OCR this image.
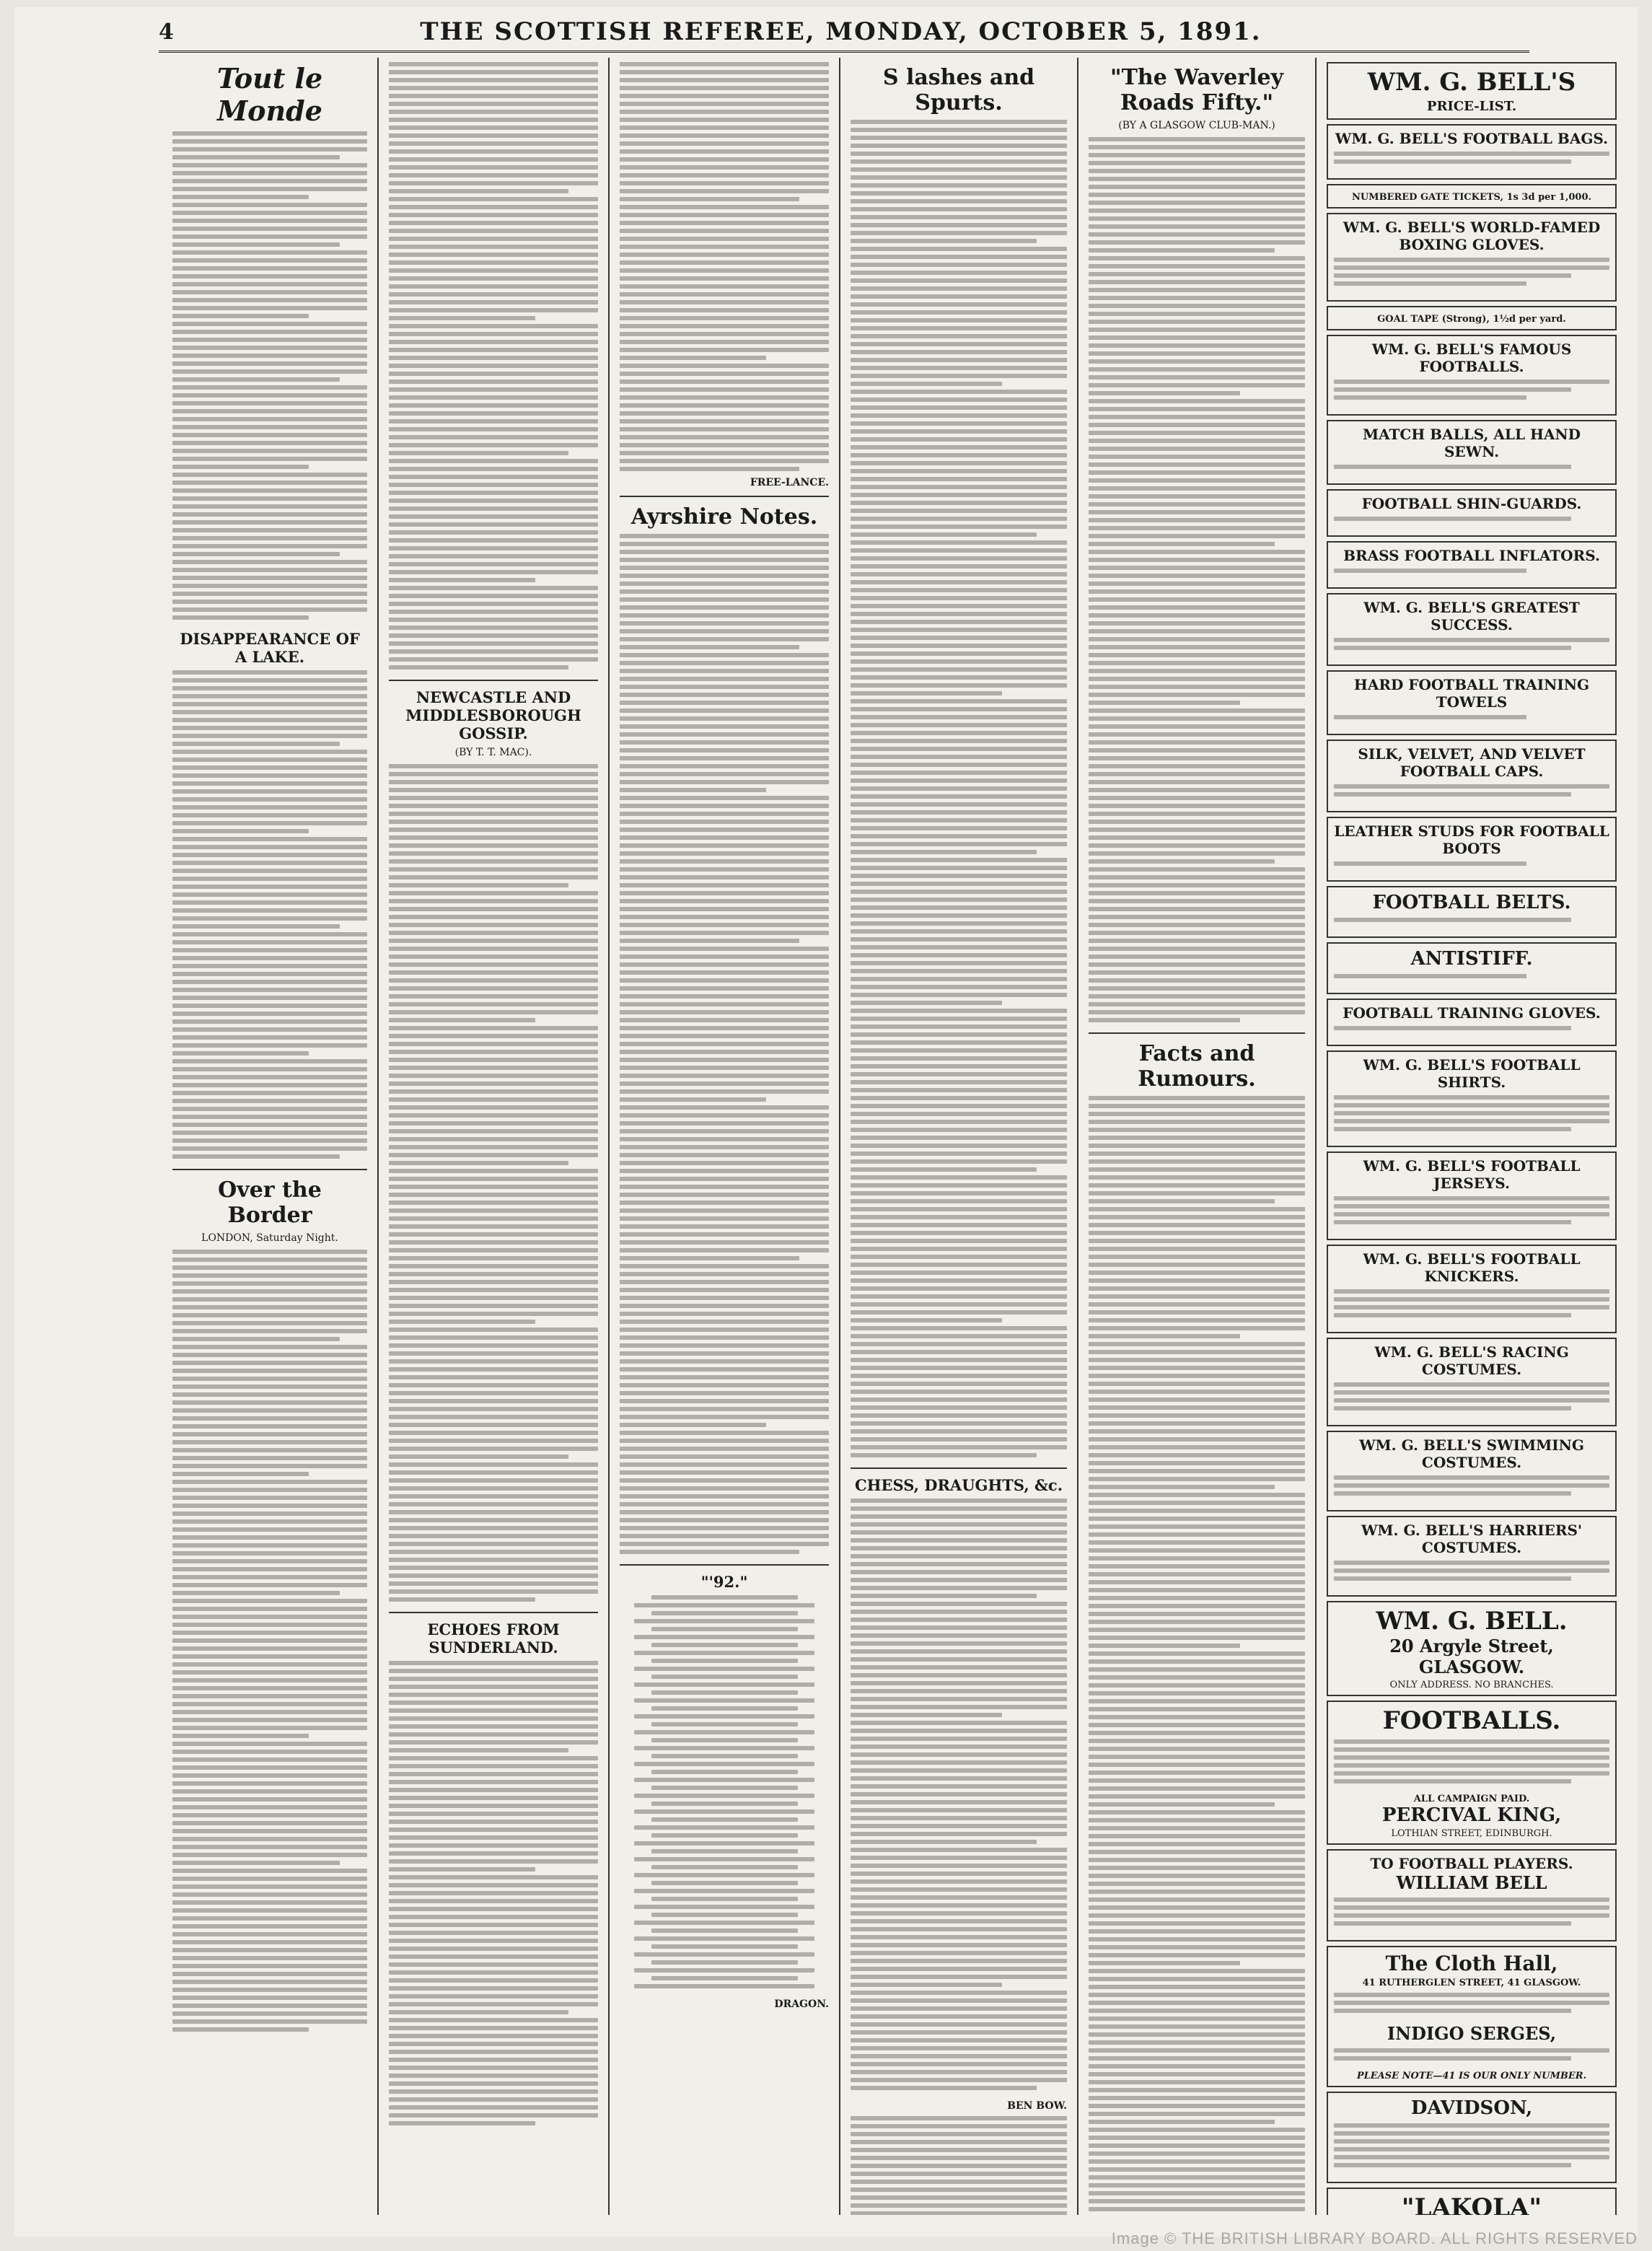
4	THE SCOTTISH REFEREE, MONDAY, OCTOBER 5, 1891.
Tout le Monde
DISAPPEARANCE OF A LAKE.
Over the Border
LONDON, Saturday Night.
NEWCASTLE AND MIDDLESBOROUGH GOSSIP.
(BY T. T. MAC).
ECHOES FROM SUNDERLAND.
FREE-LANCE.
Ayrshire Notes.
"'92."
DRAGON.
S lashes and Spurts.
CHESS, DRAUGHTS, &c.
BEN BOW.
"The Waverley Roads Fifty."
(BY A GLASGOW CLUB-MAN.)
Facts and Rumours.
WM. G. BELL'S
PRICE-LIST.
WM. G. BELL'S FOOTBALL BAGS.
NUMBERED GATE TICKETS, 1s 3d per 1,000.
WM. G. BELL'S WORLD-FAMED BOXING GLOVES.
GOAL TAPE (Strong), 1½d per yard.
WM. G. BELL'S FAMOUS FOOTBALLS.
MATCH BALLS, ALL HAND SEWN.
FOOTBALL SHIN-GUARDS.
BRASS FOOTBALL INFLATORS.
WM. G. BELL'S GREATEST SUCCESS.
HARD FOOTBALL TRAINING TOWELS
SILK, VELVET, AND VELVET FOOTBALL CAPS.
LEATHER STUDS FOR FOOTBALL BOOTS
FOOTBALL BELTS.
ANTISTIFF.
FOOTBALL TRAINING GLOVES.
WM. G. BELL'S FOOTBALL SHIRTS.
WM. G. BELL'S FOOTBALL JERSEYS.
WM. G. BELL'S FOOTBALL KNICKERS.
WM. G. BELL'S RACING COSTUMES.
WM. G. BELL'S SWIMMING COSTUMES.
WM. G. BELL'S HARRIERS' COSTUMES.
WM. G. BELL.
20 Argyle Street, GLASGOW.
ONLY ADDRESS. NO BRANCHES.
FOOTBALLS.
ALL CAMPAIGN PAID.
PERCIVAL KING,
LOTHIAN STREET, EDINBURGH.
TO FOOTBALL PLAYERS.
WILLIAM BELL
The Cloth Hall,
41 RUTHERGLEN STREET, 41 GLASGOW.
INDIGO SERGES,
PLEASE NOTE—41 IS OUR ONLY NUMBER.
DAVIDSON,
"LAKOLA"
Image © THE BRITISH LIBRARY BOARD. ALL RIGHTS RESERVED
